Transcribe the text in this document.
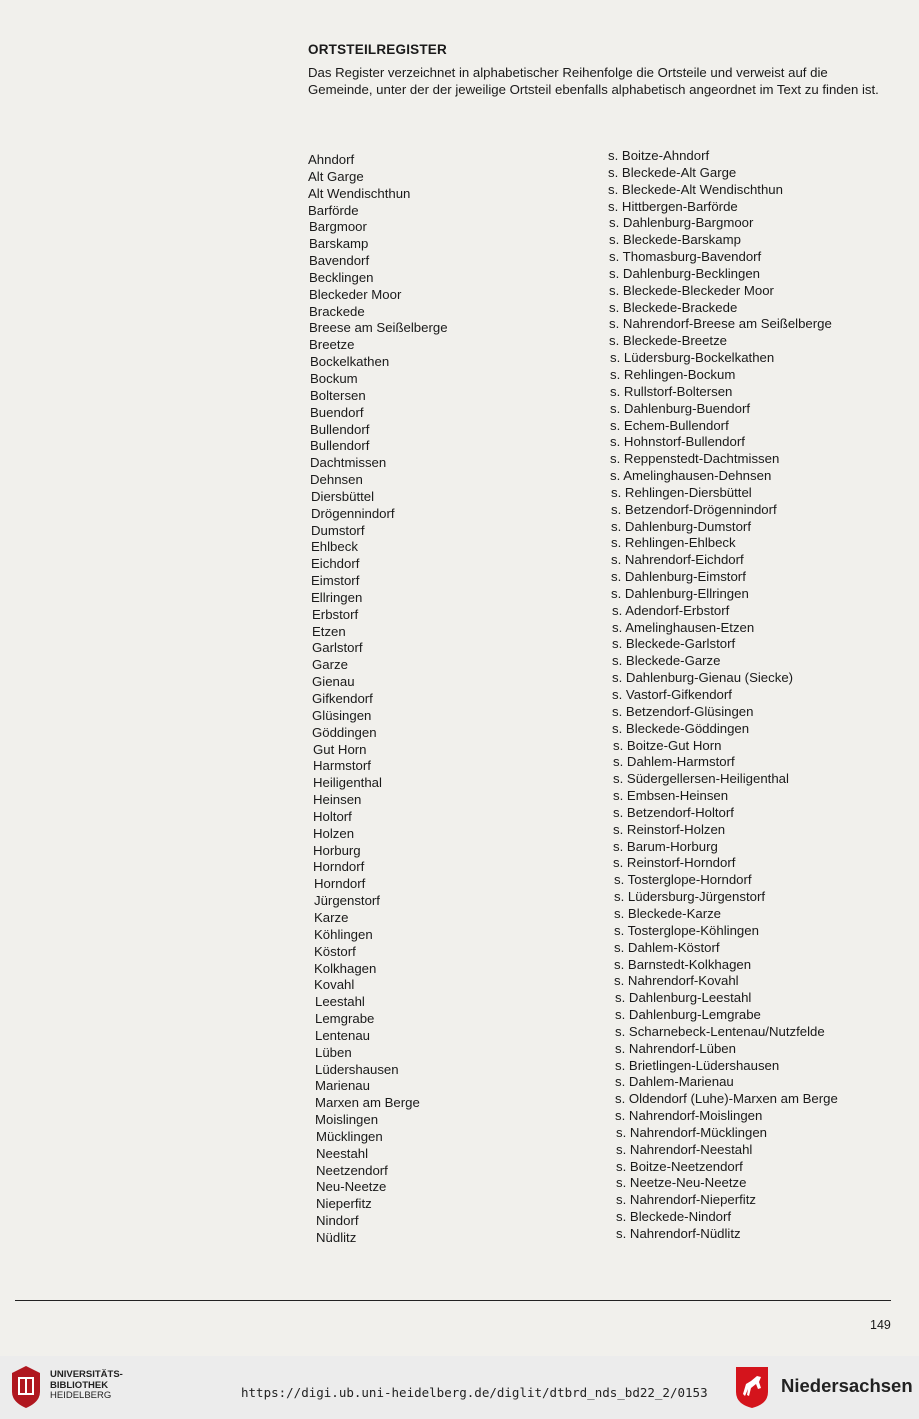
ORTSTEILREGISTER
Das Register verzeichnet in alphabetischer Reihenfolge die Ortsteile und verweist auf die Gemeinde, unter der der jeweilige Ortsteil ebenfalls alphabetisch angeordnet im Text zu finden ist.
Ahndorf	s. Boitze-Ahndorf
Alt Garge	s. Bleckede-Alt Garge
Alt Wendischthun	s. Bleckede-Alt Wendischthun
Barförde	s. Hittbergen-Barförde
Bargmoor	s. Dahlenburg-Bargmoor
Barskamp	s. Bleckede-Barskamp
Bavendorf	s. Thomasburg-Bavendorf
Becklingen	s. Dahlenburg-Becklingen
Bleckeder Moor	s. Bleckede-Bleckeder Moor
Brackede	s. Bleckede-Brackede
Breese am Seißelberge	s. Nahrendorf-Breese am Seißelberge
Breetze	s. Bleckede-Breetze
Bockelkathen	s. Lüdersburg-Bockelkathen
Bockum	s. Rehlingen-Bockum
Boltersen	s. Rullstorf-Boltersen
Buendorf	s. Dahlenburg-Buendorf
Bullendorf	s. Echem-Bullendorf
Bullendorf	s. Hohnstorf-Bullendorf
Dachtmissen	s. Reppenstedt-Dachtmissen
Dehnsen	s. Amelinghausen-Dehnsen
Diersbüttel	s. Rehlingen-Diersbüttel
Drögennindorf	s. Betzendorf-Drögennindorf
Dumstorf	s. Dahlenburg-Dumstorf
Ehlbeck	s. Rehlingen-Ehlbeck
Eichdorf	s. Nahrendorf-Eichdorf
Eimstorf	s. Dahlenburg-Eimstorf
Ellringen	s. Dahlenburg-Ellringen
Erbstorf	s. Adendorf-Erbstorf
Etzen	s. Amelinghausen-Etzen
Garlstorf	s. Bleckede-Garlstorf
Garze	s. Bleckede-Garze
Gienau	s. Dahlenburg-Gienau (Siecke)
Gifkendorf	s. Vastorf-Gifkendorf
Glüsingen	s. Betzendorf-Glüsingen
Göddingen	s. Bleckede-Göddingen
Gut Horn	s. Boitze-Gut Horn
Harmstorf	s. Dahlem-Harmstorf
Heiligenthal	s. Südergellersen-Heiligenthal
Heinsen	s. Embsen-Heinsen
Holtorf	s. Betzendorf-Holtorf
Holzen	s. Reinstorf-Holzen
Horburg	s. Barum-Horburg
Horndorf	s. Reinstorf-Horndorf
Horndorf	s. Tosterglope-Horndorf
Jürgenstorf	s. Lüdersburg-Jürgenstorf
Karze	s. Bleckede-Karze
Köhlingen	s. Tosterglope-Köhlingen
Köstorf	s. Dahlem-Köstorf
Kolkhagen	s. Barnstedt-Kolkhagen
Kovahl	s. Nahrendorf-Kovahl
Leestahl	s. Dahlenburg-Leestahl
Lemgrabe	s. Dahlenburg-Lemgrabe
Lentenau	s. Scharnebeck-Lentenau/Nutzfelde
Lüben	s. Nahrendorf-Lüben
Lüdershausen	s. Brietlingen-Lüdershausen
Marienau	s. Dahlem-Marienau
Marxen am Berge	s. Oldendorf (Luhe)-Marxen am Berge
Moislingen	s. Nahrendorf-Moislingen
Mücklingen	s. Nahrendorf-Mücklingen
Neestahl	s. Nahrendorf-Neestahl
Neetzendorf	s. Boitze-Neetzendorf
Neu-Neetze	s. Neetze-Neu-Neetze
Nieperfitz	s. Nahrendorf-Nieperfitz
Nindorf	s. Bleckede-Nindorf
Nüdlitz	s. Nahrendorf-Nüdlitz
149
UNIVERSITÄTS-
BIBLIOTHEK
HEIDELBERG	https://digi.ub.uni-heidelberg.de/diglit/dtbrd_nds_bd22_2/0153	Niedersachsen
